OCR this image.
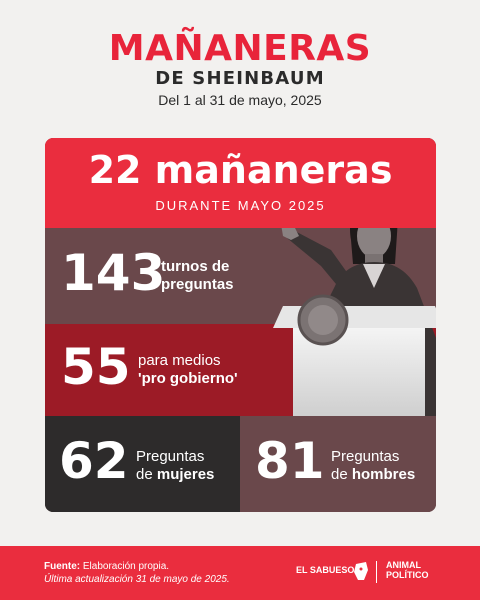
MAÑANERAS
DE SHEINBAUM
Del 1 al 31 de mayo, 2025
22 mañaneras
DURANTE MAYO 2025
143
turnos de
preguntas
55 para medios
'pro gobierno'
62 Preguntas
de mujeres 81 Preguntas
de hombres
Fuente: Elaboración propia.
Última actualización 31 de mayo de 2025.
EL SABUESO	ANIMAL
POLÍTICO
